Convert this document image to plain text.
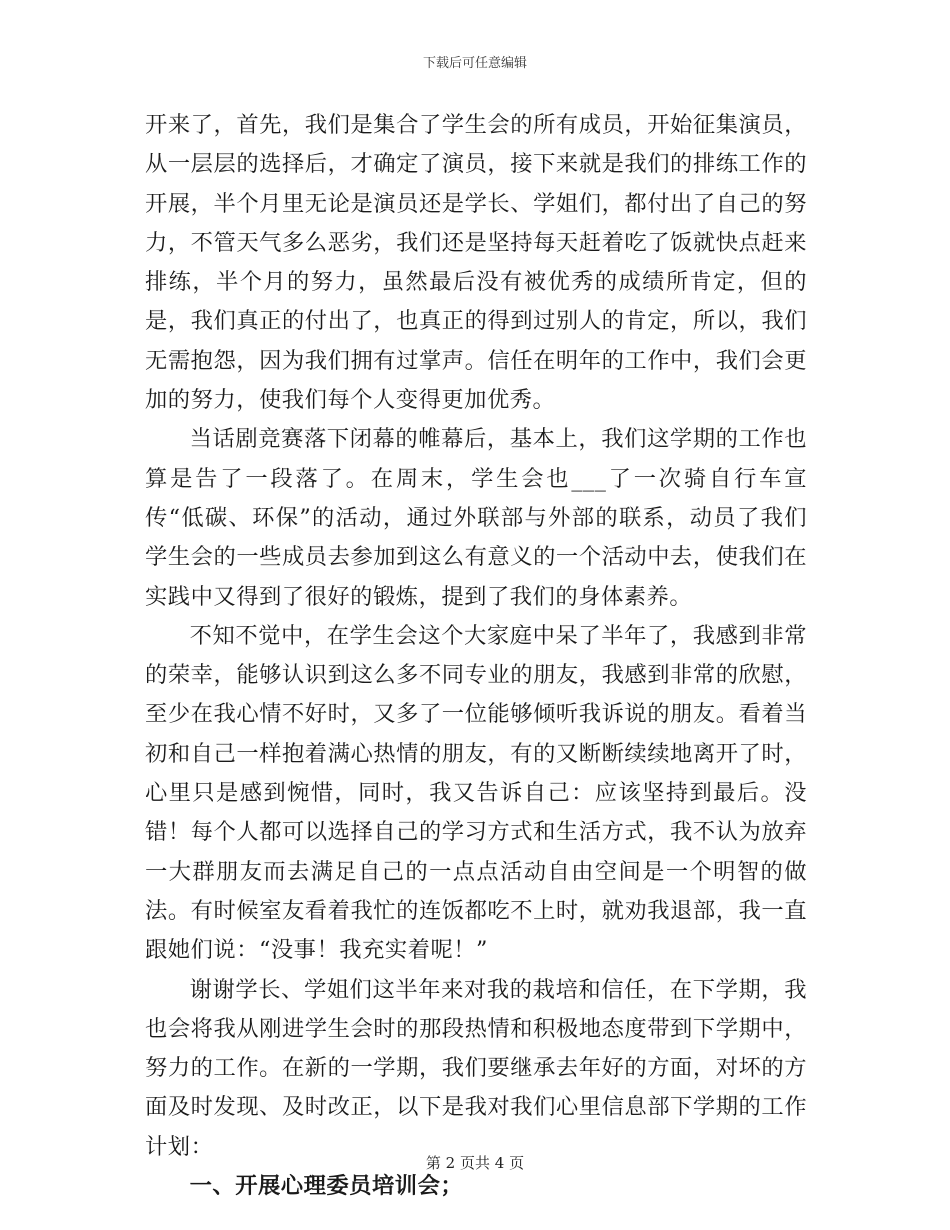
下载后可任意编辑

开来了，首先，我们是集合了学生会的所有成员，开始征集演员，从一层层的选择后，才确定了演员，接下来就是我们的排练工作的开展，半个月里无论是演员还是学长、学姐们，都付出了自己的努力，不管天气多么恶劣，我们还是坚持每天赶着吃了饭就快点赶来排练，半个月的努力，虽然最后没有被优秀的成绩所肯定，但的是，我们真正的付出了，也真正的得到过别人的肯定，所以，我们无需抱怨，因为我们拥有过掌声。信任在明年的工作中，我们会更加的努力，使我们每个人变得更加优秀。

当话剧竞赛落下闭幕的帷幕后，基本上，我们这学期的工作也算是告了一段落了。在周末，学生会也___了一次骑自行车宣传“低碳、环保”的活动，通过外联部与外部的联系，动员了我们学生会的一些成员去参加到这么有意义的一个活动中去，使我们在实践中又得到了很好的锻炼，提到了我们的身体素养。

不知不觉中，在学生会这个大家庭中呆了半年了，我感到非常的荣幸，能够认识到这么多不同专业的朋友，我感到非常的欣慰，至少在我心情不好时，又多了一位能够倾听我诉说的朋友。看着当初和自己一样抱着满心热情的朋友，有的又断断续续地离开了时，心里只是感到惋惜，同时，我又告诉自己：应该坚持到最后。没错！每个人都可以选择自己的学习方式和生活方式，我不认为放弃一大群朋友而去满足自己的一点点活动自由空间是一个明智的做法。有时候室友看着我忙的连饭都吃不上时，就劝我退部，我一直跟她们说：“没事！我充实着呢！”

谢谢学长、学姐们这半年来对我的栽培和信任，在下学期，我也会将我从刚进学生会时的那段热情和积极地态度带到下学期中，努力的工作。在新的一学期，我们要继承去年好的方面，对坏的方面及时发现、及时改正，以下是我对我们心里信息部下学期的工作计划：

一、开展心理委员培训会；

第 2 页共 4 页
